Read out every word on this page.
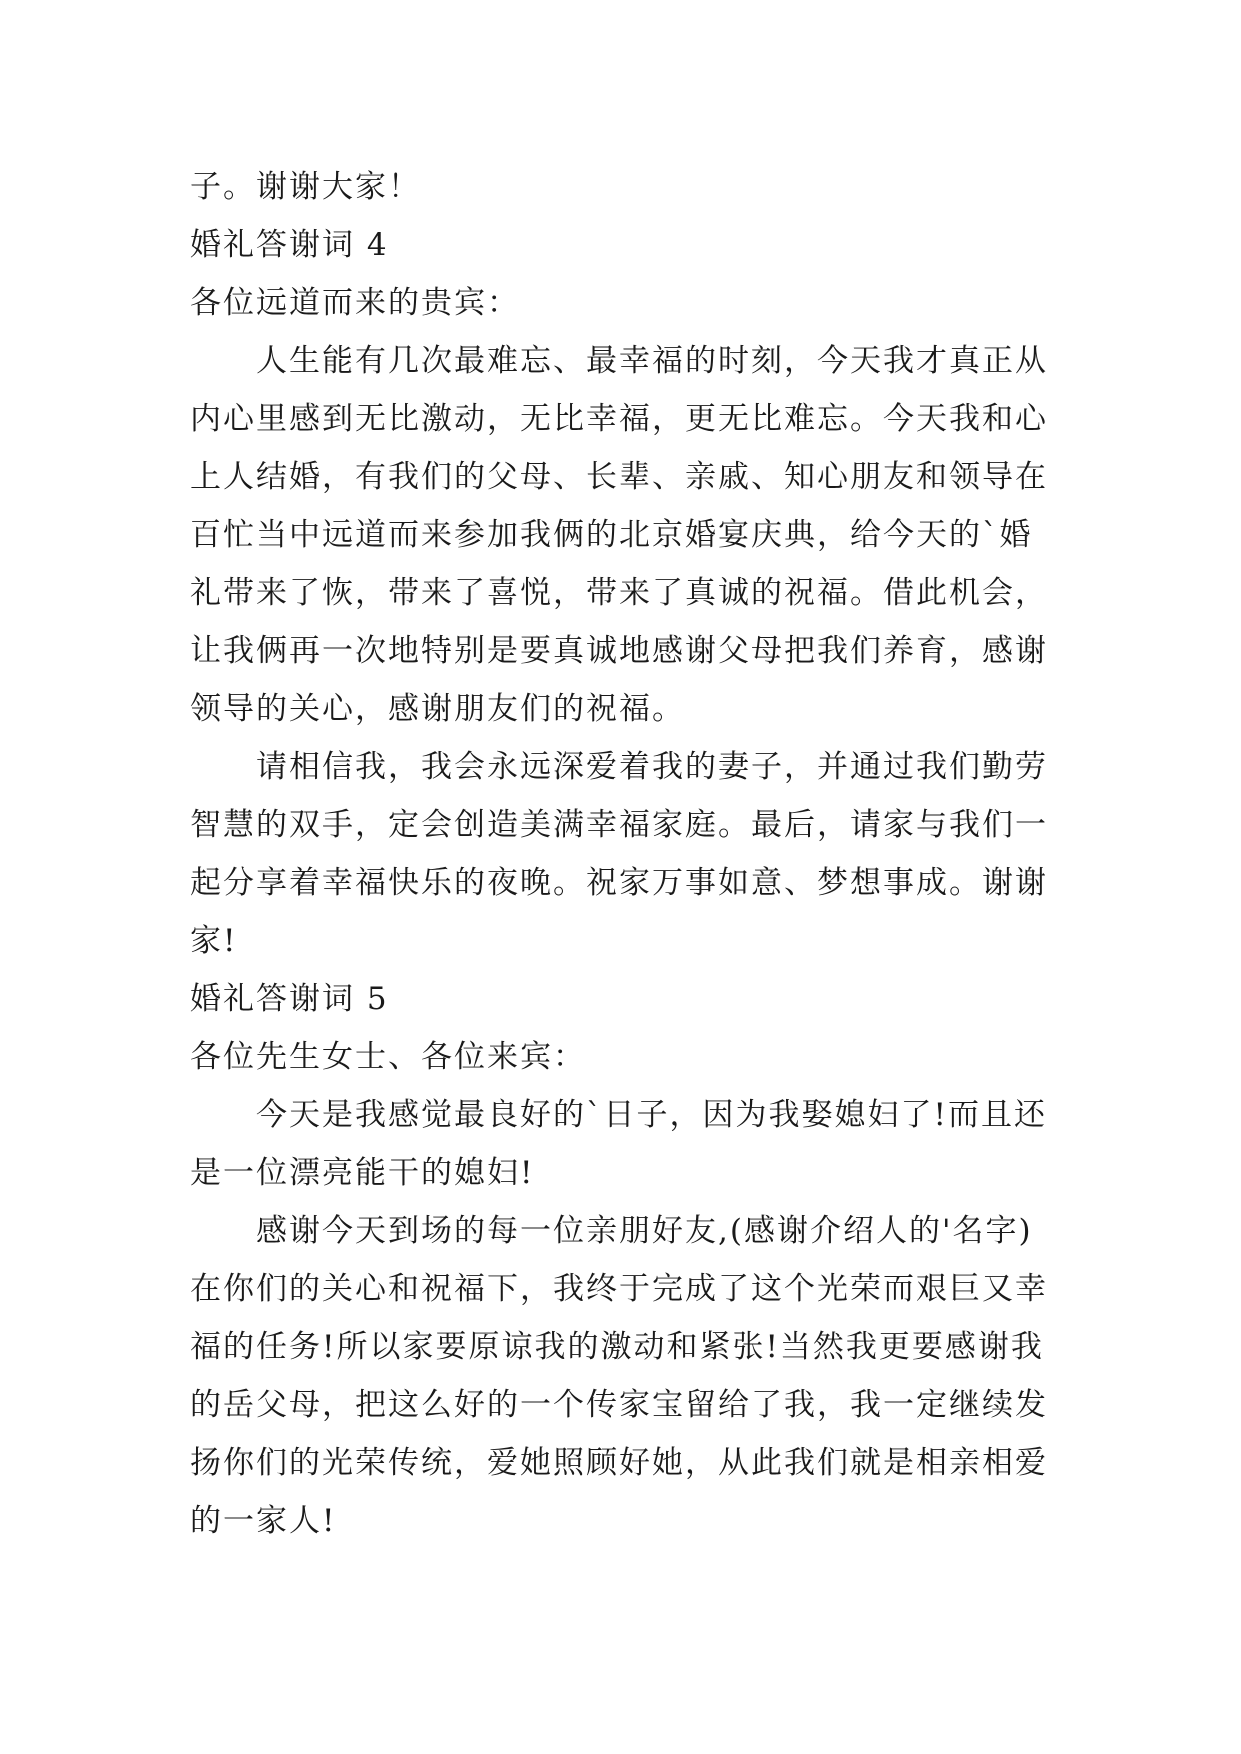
子。谢谢大家！

婚礼答谢词 4

各位远道而来的贵宾：

人生能有几次最难忘、最幸福的时刻，今天我才真正从

内心里感到无比激动，无比幸福，更无比难忘。今天我和心

上人结婚，有我们的父母、长辈、亲戚、知心朋友和领导在

百忙当中远道而来参加我俩的北京婚宴庆典，给今天的`婚

礼带来了恢，带来了喜悦，带来了真诚的祝福。借此机会，

让我俩再一次地特别是要真诚地感谢父母把我们养育，感谢

领导的关心，感谢朋友们的祝福。

请相信我，我会永远深爱着我的妻子，并通过我们勤劳

智慧的双手，定会创造美满幸福家庭。最后，请家与我们一

起分享着幸福快乐的夜晚。祝家万事如意、梦想事成。谢谢

家!

婚礼答谢词 5

各位先生女士、各位来宾：

今天是我感觉最良好的`日子，因为我娶媳妇了!而且还

是一位漂亮能干的媳妇!

感谢今天到场的每一位亲朋好友,(感谢介绍人的'名字)

在你们的关心和祝福下，我终于完成了这个光荣而艰巨又幸

福的任务!所以家要原谅我的激动和紧张!当然我更要感谢我

的岳父母，把这么好的一个传家宝留给了我，我一定继续发

扬你们的光荣传统，爱她照顾好她，从此我们就是相亲相爱

的一家人!
